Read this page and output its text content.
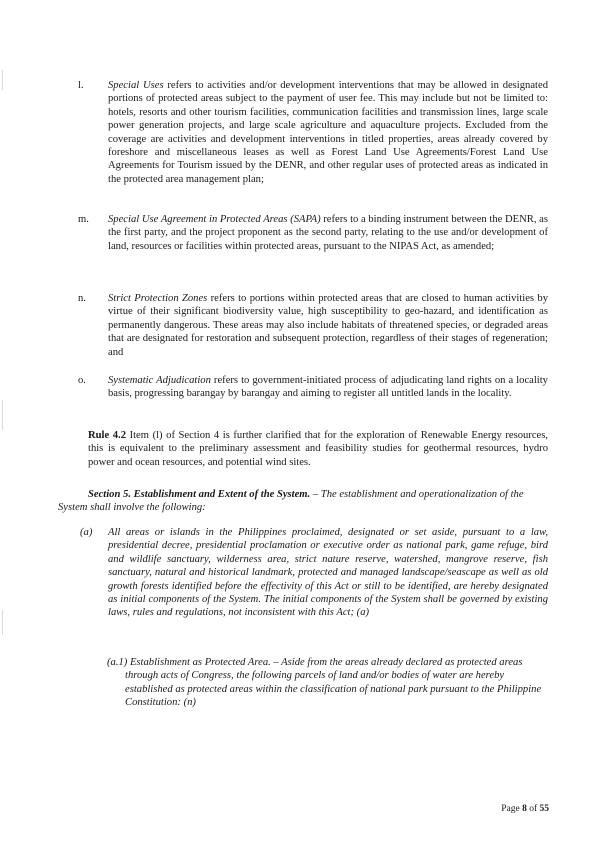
l.	Special Uses refers to activities and/or development interventions that may be allowed in designated portions of protected areas subject to the payment of user fee. This may include but not be limited to: hotels, resorts and other tourism facilities, communication facilities and transmission lines, large scale power generation projects, and large scale agriculture and aquaculture projects. Excluded from the coverage are activities and development interventions in titled properties, areas already covered by foreshore and miscellaneous leases as well as Forest Land Use Agreements/Forest Land Use Agreements for Tourism issued by the DENR, and other regular uses of protected areas as indicated in the protected area management plan;
m.	Special Use Agreement in Protected Areas (SAPA) refers to a binding instrument between the DENR, as the first party, and the project proponent as the second party, relating to the use and/or development of land, resources or facilities within protected areas, pursuant to the NIPAS Act, as amended;
n.	Strict Protection Zones refers to portions within protected areas that are closed to human activities by virtue of their significant biodiversity value, high susceptibility to geo-hazard, and identification as permanently dangerous. These areas may also include habitats of threatened species, or degraded areas that are designated for restoration and subsequent protection, regardless of their stages of regeneration; and
o.	Systematic Adjudication refers to government-initiated process of adjudicating land rights on a locality basis, progressing barangay by barangay and aiming to register all untitled lands in the locality.
Rule 4.2 Item (l) of Section 4 is further clarified that for the exploration of Renewable Energy resources, this is equivalent to the preliminary assessment and feasibility studies for geothermal resources, hydro power and ocean resources, and potential wind sites.
Section 5. Establishment and Extent of the System. – The establishment and operationalization of the System shall involve the following:
(a) All areas or islands in the Philippines proclaimed, designated or set aside, pursuant to a law, presidential decree, presidential proclamation or executive order as national park, game refuge, bird and wildlife sanctuary, wilderness area, strict nature reserve, watershed, mangrove reserve, fish sanctuary, natural and historical landmark, protected and managed landscape/seascape as well as old growth forests identified before the effectivity of this Act or still to be identified, are hereby designated as initial components of the System. The initial components of the System shall be governed by existing laws, rules and regulations, not inconsistent with this Act; (a)
(a.1) Establishment as Protected Area. – Aside from the areas already declared as protected areas through acts of Congress, the following parcels of land and/or bodies of water are hereby established as protected areas within the classification of national park pursuant to the Philippine Constitution: (n)
Page 8 of 55
